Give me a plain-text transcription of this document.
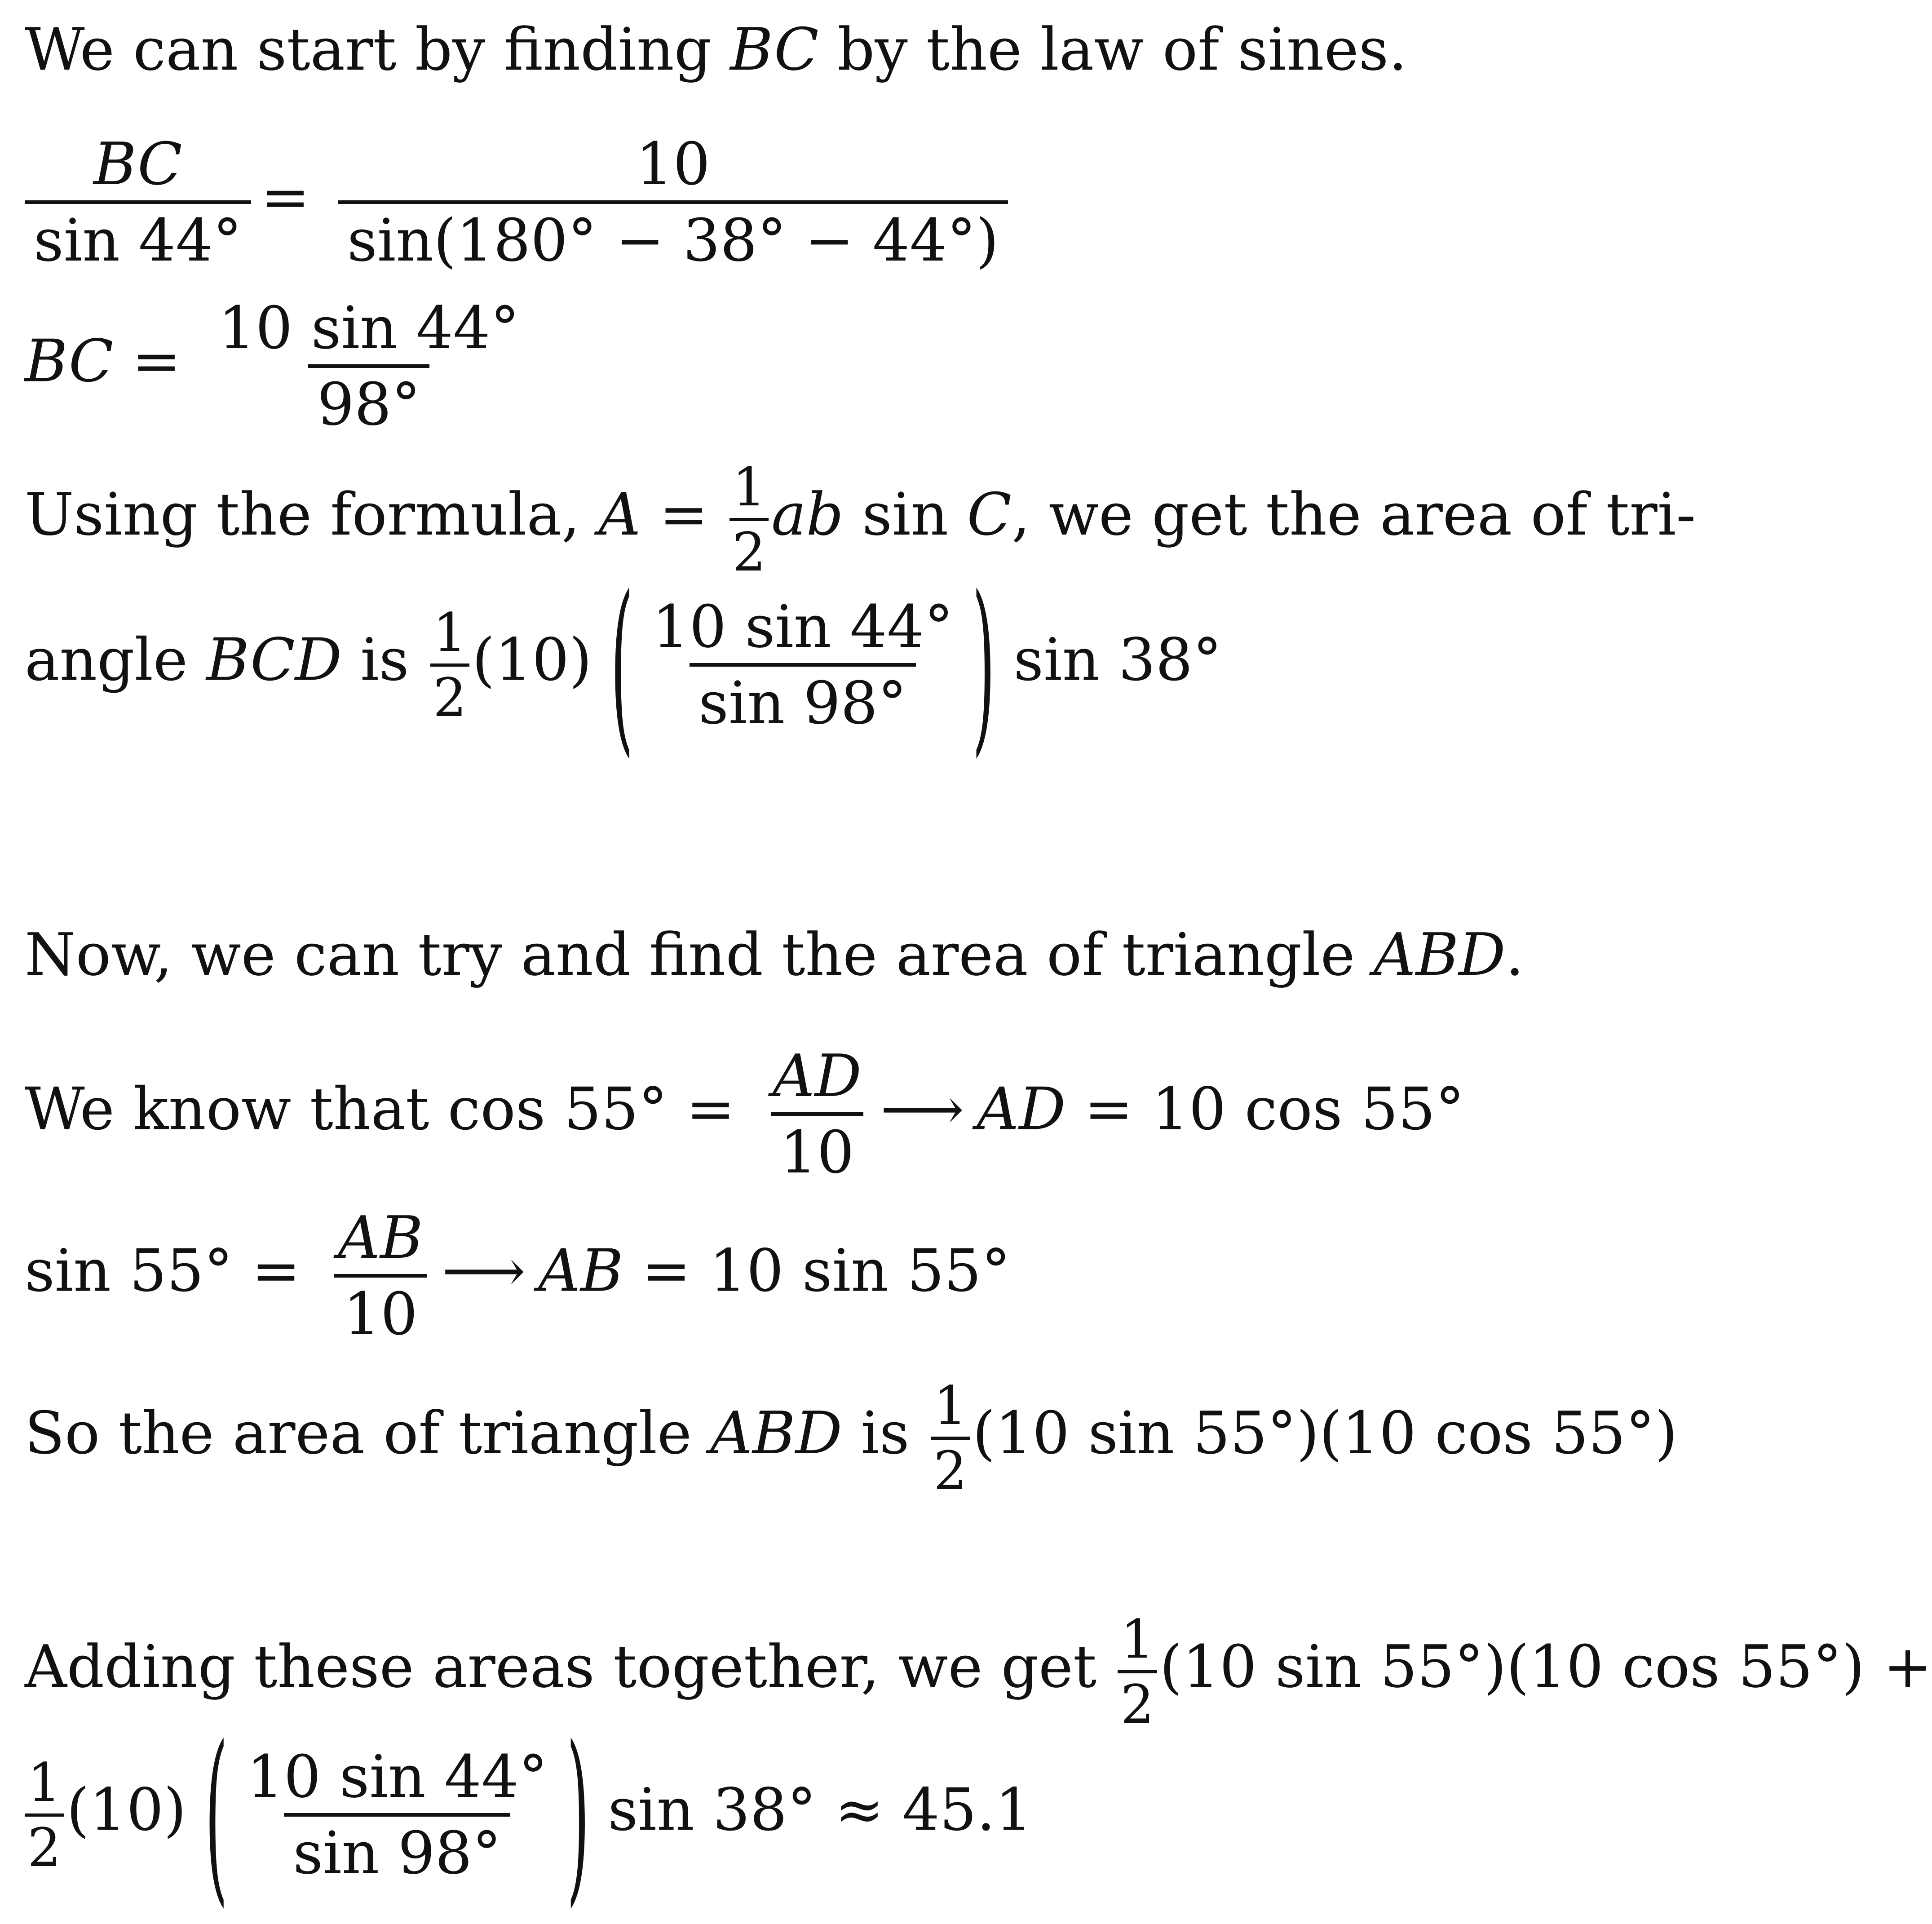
We can start by finding BC by the law of sines.
$\frac{BC}{\sin 44^\circ} = \frac{10}{\sin(180^\circ - 38^\circ - 44^\circ)}$
BC = $\frac{10 \sin 44^\circ}{98^\circ}$
Using the formula, $A = \frac{1}{2}$ ab sin C, we get the area of tri-
angle BCD is $\frac{1}{2} (10)$ ( $\frac{10 \sin 44^\circ}{\sin 98^\circ}$ ) sin 38°
Now, we can try and find the area of triangle ABD.
We know that $\cos 55^\circ = \frac{AD}{10}$ ⟶ AD = 10 cos 55°
$\sin 55^\circ = \frac{AB}{10}$ ⟶ AB = 10 sin 55°
So the area of triangle ABD is $\frac{1}{2} (10$ sin 55°)(10 cos 55°)
Adding these areas together, we get $\frac{1}{2} (10$ sin 55°)(10 cos 55°) +
$\frac{1}{2} (10)$ ( $\frac{10 \sin 44^\circ}{\sin 98^\circ}$ ) sin 38° ≈ 45.1
